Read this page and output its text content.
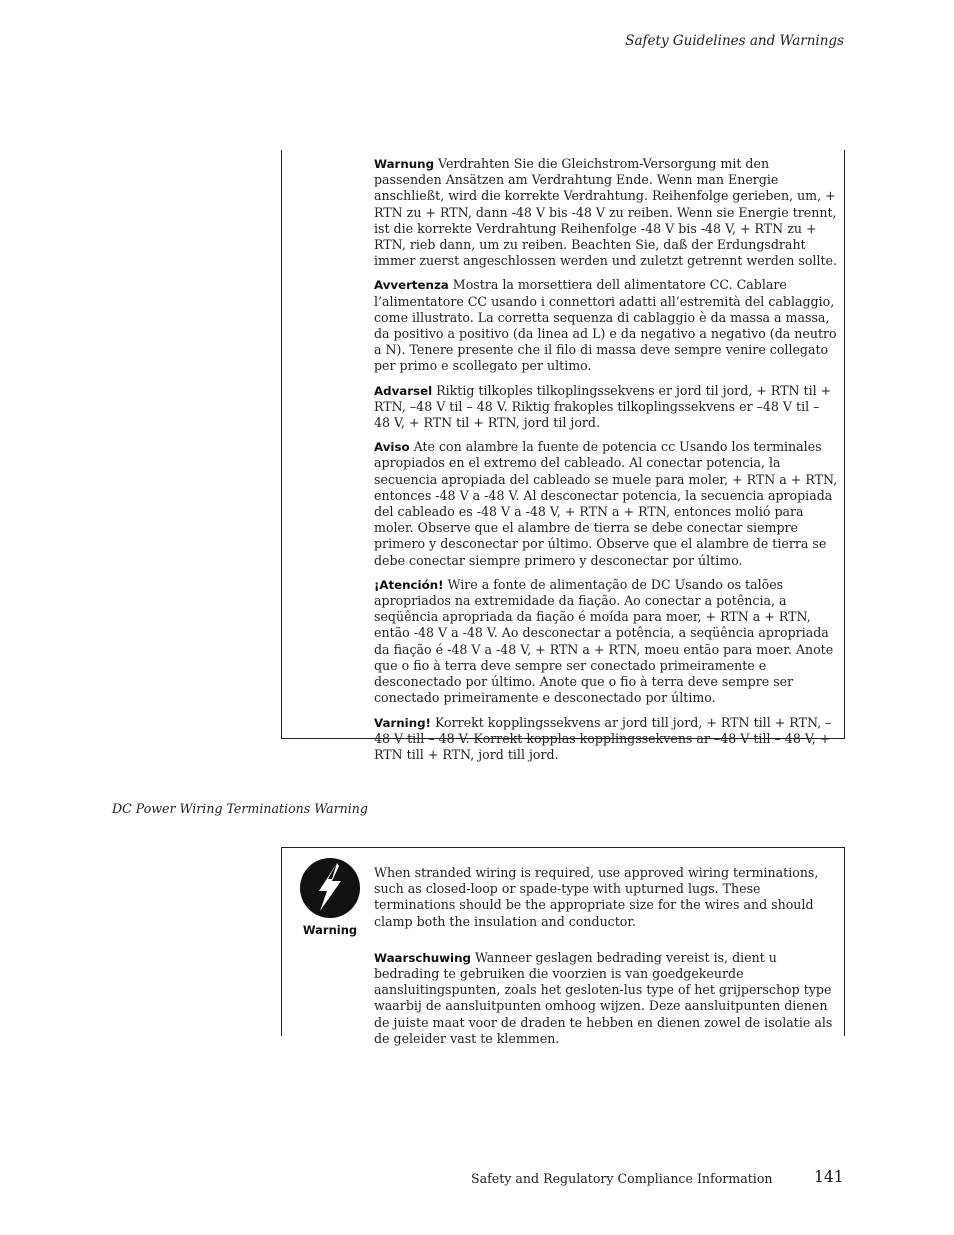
Safety Guidelines and Warnings

Warnung Verdrahten Sie die Gleichstrom-Versorgung mit den passenden Ansätzen am Verdrahtung Ende. Wenn man Energie anschließt, wird die korrekte Verdrahtung. Reihenfolge gerieben, um, + RTN zu + RTN, dann -48 V bis -48 V zu reiben. Wenn sie Energie trennt, ist die korrekte Verdrahtung Reihenfolge -48 V bis -48 V, + RTN zu + RTN, rieb dann, um zu reiben. Beachten Sie, daß der Erdungsdraht immer zuerst angeschlossen werden und zuletzt getrennt werden sollte.

Avvertenza Mostra la morsettiera dell alimentatore CC. Cablare l’alimentatore CC usando i connettori adatti all’estremità del cablaggio, come illustrato. La corretta sequenza di cablaggio è da massa a massa, da positivo a positivo (da linea ad L) e da negativo a negativo (da neutro a N). Tenere presente che il filo di massa deve sempre venire collegato per primo e scollegato per ultimo.

Advarsel Riktig tilkoples tilkoplingssekvens er jord til jord, + RTN til + RTN, –48 V til – 48 V. Riktig frakoples tilkoplingssekvens er –48 V til – 48 V, + RTN til + RTN, jord til jord.

Aviso Ate con alambre la fuente de potencia cc Usando los terminales apropiados en el extremo del cableado. Al conectar potencia, la secuencia apropiada del cableado se muele para moler, + RTN a + RTN, entonces -48 V a -48 V. Al desconectar potencia, la secuencia apropiada del cableado es -48 V a -48 V, + RTN a + RTN, entonces molió para moler. Observe que el alambre de tierra se debe conectar siempre primero y desconectar por último. Observe que el alambre de tierra se debe conectar siempre primero y desconectar por último.

¡Atención! Wire a fonte de alimentação de DC Usando os talões apropriados na extremidade da fiação. Ao conectar a potência, a seqüência apropriada da fiação é moída para moer, + RTN a + RTN, então -48 V a -48 V. Ao desconectar a potência, a seqüência apropriada da fiação é -48 V a -48 V, + RTN a + RTN, moeu então para moer. Anote que o fio à terra deve sempre ser conectado primeiramente e desconectado por último. Anote que o fio à terra deve sempre ser conectado primeiramente e desconectado por último.

Varning! Korrekt kopplingssekvens ar jord till jord, + RTN till + RTN, –48 V till – 48 V. Korrekt kopplas kopplingssekvens ar –48 V till – 48 V, + RTN till + RTN, jord till jord.

DC Power Wiring Terminations Warning
Warning

When stranded wiring is required, use approved wiring terminations, such as closed-loop or spade-type with upturned lugs. These terminations should be the appropriate size for the wires and should clamp both the insulation and conductor.

Waarschuwing Wanneer geslagen bedrading vereist is, dient u bedrading te gebruiken die voorzien is van goedgekeurde aansluitingspunten, zoals het gesloten-lus type of het grijperschop type waarbij de aansluitpunten omhoog wijzen. Deze aansluitpunten dienen de juiste maat voor de draden te hebben en dienen zowel de isolatie als de geleider vast te klemmen.

Safety and Regulatory Compliance Information	141
